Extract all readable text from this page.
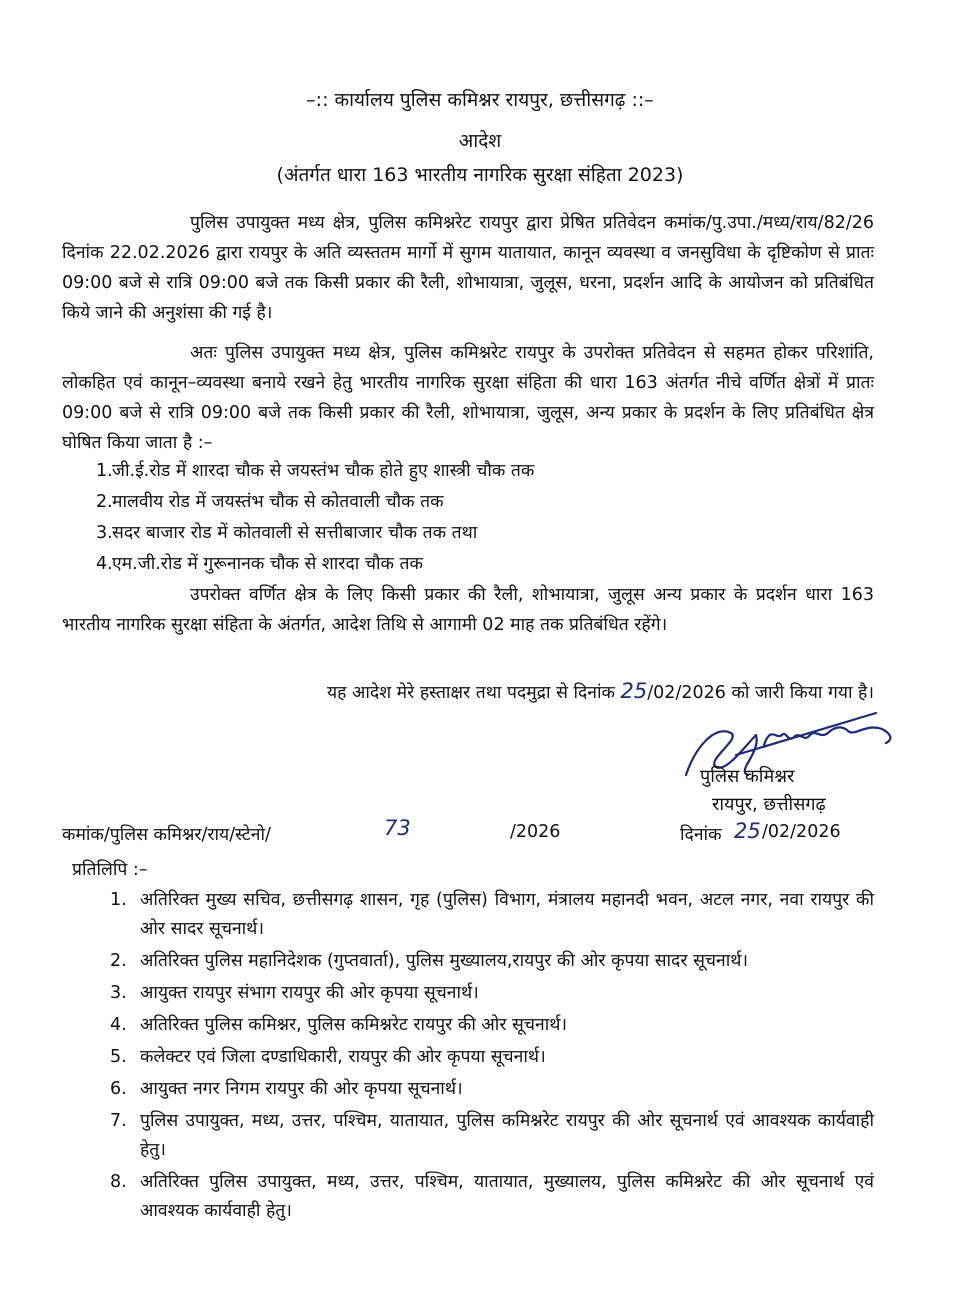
–:: कार्यालय पुलिस कमिश्नर रायपुर, छत्तीसगढ़ ::–
आदेश
(अंतर्गत धारा 163 भारतीय नागरिक सुरक्षा संहिता 2023)
पुलिस उपायुक्त मध्य क्षेत्र, पुलिस कमिश्नरेट रायपुर द्वारा प्रेषित प्रतिवेदन कमांक/पु.उपा./मध्य/राय/82/26 दिनांक 22.02.2026 द्वारा रायपुर के अति व्यस्ततम मार्गो में सुगम यातायात, कानून व्यवस्था व जनसुविधा के दृष्टिकोण से प्रातः 09:00 बजे से रात्रि 09:00 बजे तक किसी प्रकार की रैली, शोभायात्रा, जुलूस, धरना, प्रदर्शन आदि के आयोजन को प्रतिबंधित किये जाने की अनुशंसा की गई है।
अतः पुलिस उपायुक्त मध्य क्षेत्र, पुलिस कमिश्नरेट रायपुर के उपरोक्त प्रतिवेदन से सहमत होकर परिशांति, लोकहित एवं कानून–व्यवस्था बनाये रखने हेतु भारतीय नागरिक सुरक्षा संहिता की धारा 163 अंतर्गत नीचे वर्णित क्षेत्रों में प्रातः 09:00 बजे से रात्रि 09:00 बजे तक किसी प्रकार की रैली, शोभायात्रा, जुलूस, अन्य प्रकार के प्रदर्शन के लिए प्रतिबंधित क्षेत्र घोषित किया जाता है :–
1. जी.ई.रोड में शारदा चौक से जयस्तंभ चौक होते हुए शास्त्री चौक तक
2. मालवीय रोड में जयस्तंभ चौक से कोतवाली चौक तक
3. सदर बाजार रोड में कोतवाली से सत्तीबाजार चौक तक तथा
4. एम.जी.रोड में गुरूनानक चौक से शारदा चौक तक
उपरोक्त वर्णित क्षेत्र के लिए किसी प्रकार की रैली, शोभायात्रा, जुलूस अन्य प्रकार के प्रदर्शन धारा 163 भारतीय नागरिक सुरक्षा संहिता के अंतर्गत, आदेश तिथि से आगामी 02 माह तक प्रतिबंधित रहेंगे।
यह आदेश मेरे हस्ताक्षर तथा पदमुद्रा से दिनांक 25/02/2026 को जारी किया गया है।
पुलिस कमिश्नर
रायपुर, छत्तीसगढ़
कमांक/पुलिस कमिश्नर/राय/स्टेनो/	73	/2026	दिनांक 25 /02/2026
प्रतिलिपि :–
1. अतिरिक्त मुख्य सचिव, छत्तीसगढ़ शासन, गृह (पुलिस) विभाग, मंत्रालय महानदी भवन, अटल नगर, नवा रायपुर की ओर सादर सूचनार्थ।
2. अतिरिक्त पुलिस महानिदेशक (गुप्तवार्ता), पुलिस मुख्यालय,रायपुर की ओर कृपया सादर सूचनार्थ।
3. आयुक्त रायपुर संभाग रायपुर की ओर कृपया सूचनार्थ।
4. अतिरिक्त पुलिस कमिश्नर, पुलिस कमिश्नरेट रायपुर की ओर सूचनार्थ।
5. कलेक्टर एवं जिला दण्डाधिकारी, रायपुर की ओर कृपया सूचनार्थ।
6. आयुक्त नगर निगम रायपुर की ओर कृपया सूचनार्थ।
7. पुलिस उपायुक्त, मध्य, उत्तर, पश्चिम, यातायात, पुलिस कमिश्नरेट रायपुर की ओर सूचनार्थ एवं आवश्यक कार्यवाही हेतु।
8. अतिरिक्त पुलिस उपायुक्त, मध्य, उत्तर, पश्चिम, यातायात, मुख्यालय, पुलिस कमिश्नरेट की ओर सूचनार्थ एवं आवश्यक कार्यवाही हेतु।
